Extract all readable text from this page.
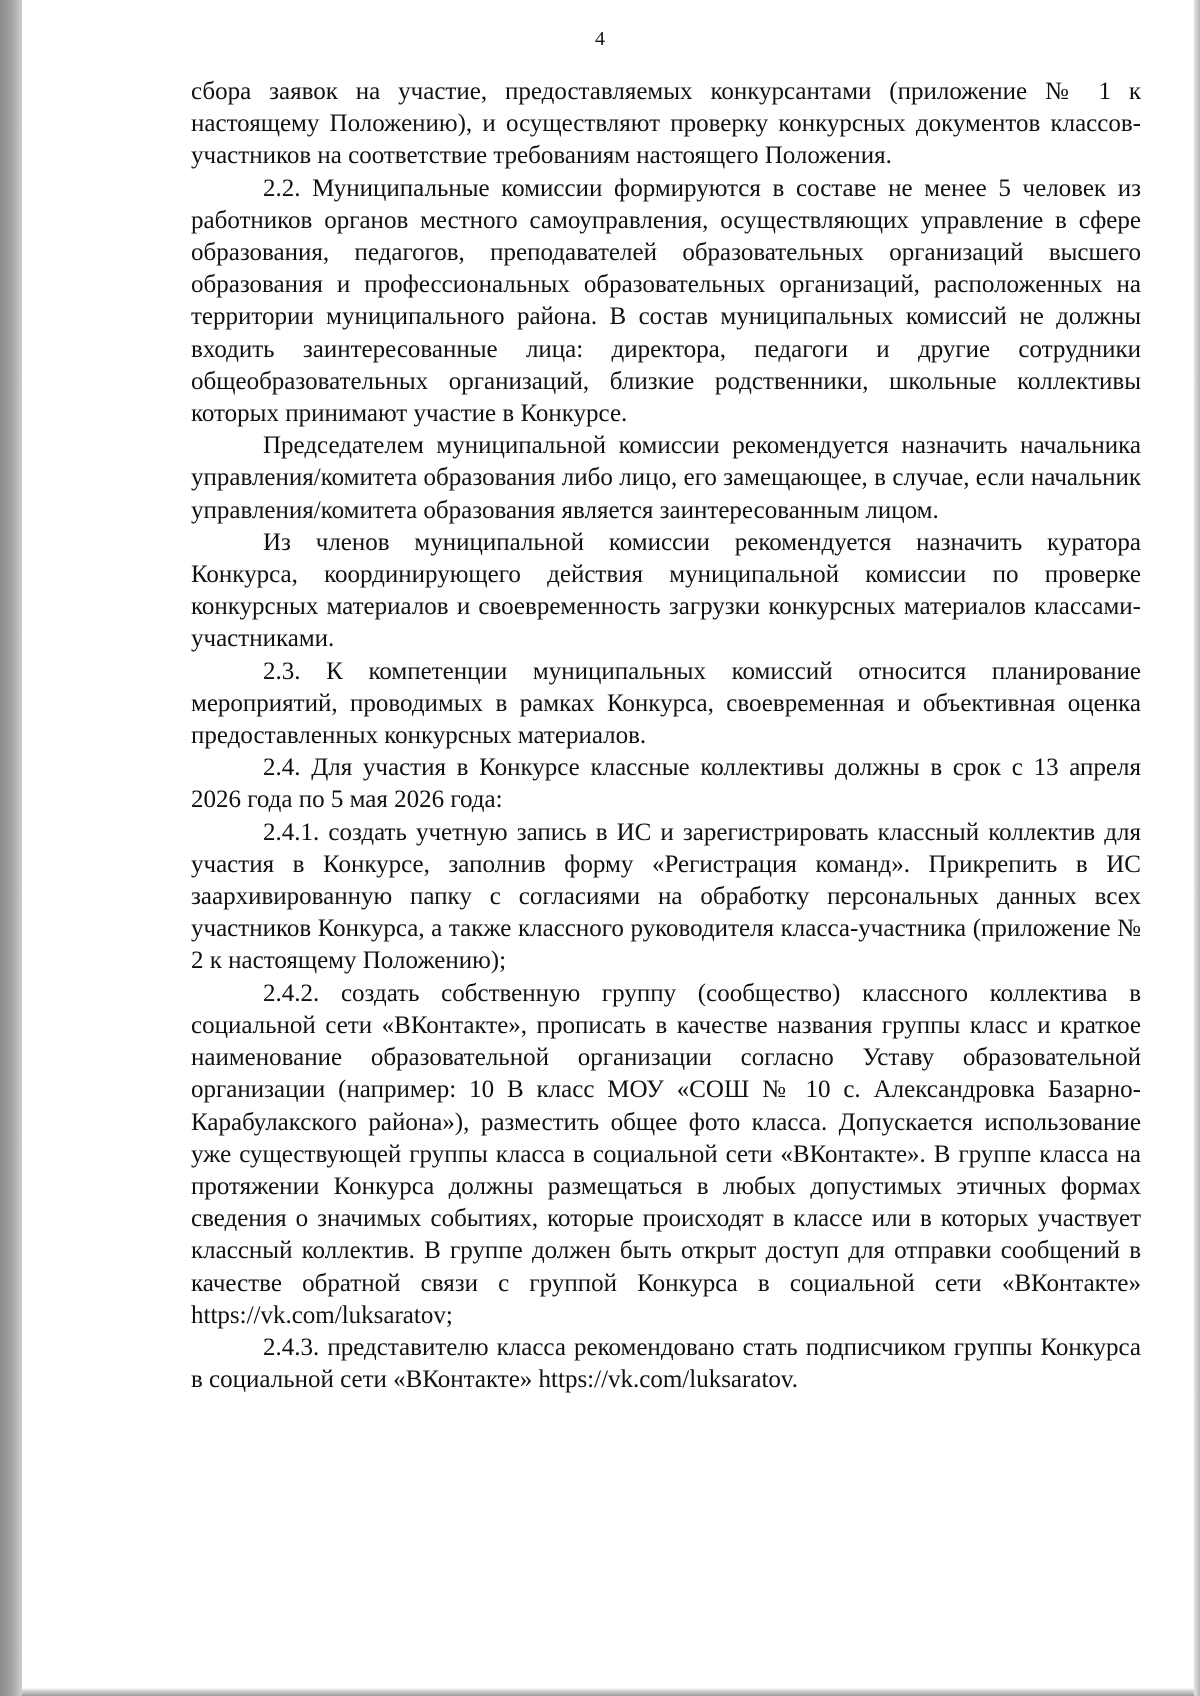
4

сбора заявок на участие, предоставляемых конкурсантами (приложение № 1 к настоящему Положению), и осуществляют проверку конкурсных документов классов-участников на соответствие требованиям настоящего Положения.

2.2. Муниципальные комиссии формируются в составе не менее 5 человек из работников органов местного самоуправления, осуществляющих управление в сфере образования, педагогов, преподавателей образовательных организаций высшего образования и профессиональных образовательных организаций, расположенных на территории муниципального района. В состав муниципальных комиссий не должны входить заинтересованные лица: директора, педагоги и другие сотрудники общеобразовательных организаций, близкие родственники, школьные коллективы которых принимают участие в Конкурсе.

Председателем муниципальной комиссии рекомендуется назначить начальника управления/комитета образования либо лицо, его замещающее, в случае, если начальник управления/комитета образования является заинтересованным лицом.

Из членов муниципальной комиссии рекомендуется назначить куратора Конкурса, координирующего действия муниципальной комиссии по проверке конкурсных материалов и своевременность загрузки конкурсных материалов классами-участниками.

2.3. К компетенции муниципальных комиссий относится планирование мероприятий, проводимых в рамках Конкурса, своевременная и объективная оценка предоставленных конкурсных материалов.

2.4. Для участия в Конкурсе классные коллективы должны в срок с 13 апреля 2026 года по 5 мая 2026 года:

2.4.1. создать учетную запись в ИС и зарегистрировать классный коллектив для участия в Конкурсе, заполнив форму «Регистрация команд». Прикрепить в ИС заархивированную папку с согласиями на обработку персональных данных всех участников Конкурса, а также классного руководителя класса-участника (приложение № 2 к настоящему Положению);

2.4.2. создать собственную группу (сообщество) классного коллектива в социальной сети «ВКонтакте», прописать в качестве названия группы класс и краткое наименование образовательной организации согласно Уставу образовательной организации (например: 10 В класс МОУ «СОШ № 10 с. Александровка Базарно-Карабулакского района»), разместить общее фото класса. Допускается использование уже существующей группы класса в социальной сети «ВКонтакте». В группе класса на протяжении Конкурса должны размещаться в любых допустимых этичных формах сведения о значимых событиях, которые происходят в классе или в которых участвует классный коллектив. В группе должен быть открыт доступ для отправки сообщений в качестве обратной связи с группой Конкурса в социальной сети «ВКонтакте» https://vk.com/luksaratov;

2.4.3. представителю класса рекомендовано стать подписчиком группы Конкурса в социальной сети «ВКонтакте» https://vk.com/luksaratov.
